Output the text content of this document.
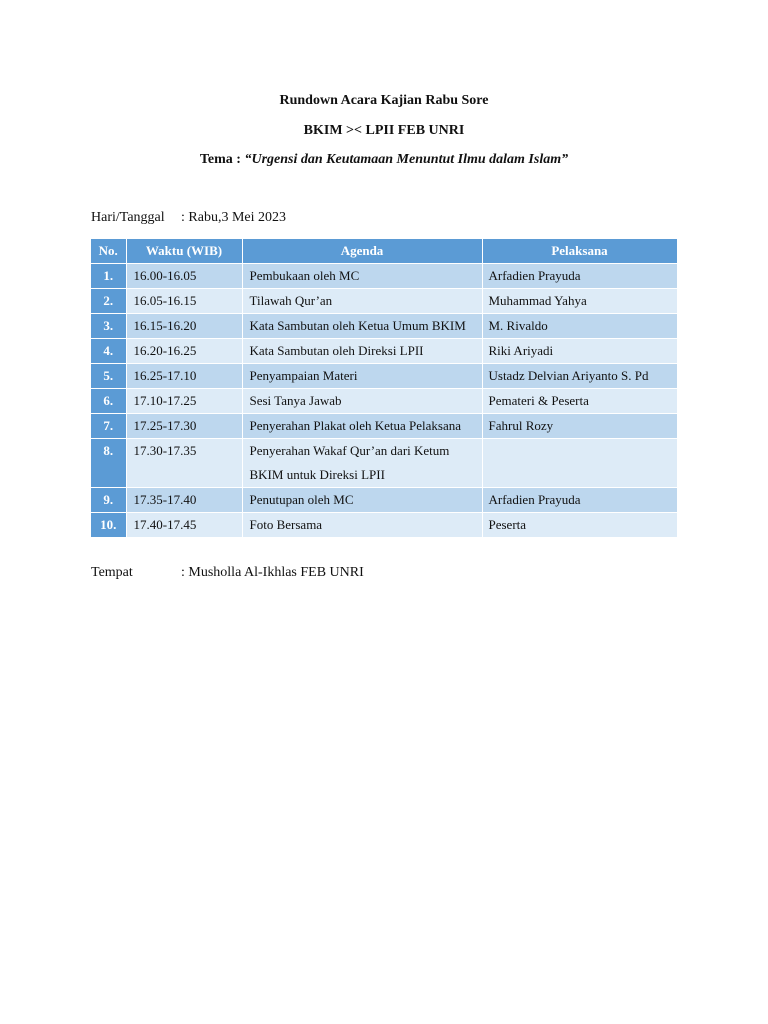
Rundown Acara Kajian Rabu Sore
BKIM >< LPII FEB UNRI
Tema : “Urgensi dan Keutamaan Menuntut Ilmu dalam Islam”
Hari/Tanggal : Rabu,3 Mei 2023
No.	Waktu (WIB)	Agenda	Pelaksana
1.	16.00-16.05	Pembukaan oleh MC	Arfadien Prayuda
2.	16.05-16.15	Tilawah Qur’an	Muhammad Yahya
3.	16.15-16.20	Kata Sambutan oleh Ketua Umum BKIM	M. Rivaldo
4.	16.20-16.25	Kata Sambutan oleh Direksi LPII	Riki Ariyadi
5.	16.25-17.10	Penyampaian Materi	Ustadz Delvian Ariyanto S. Pd
6.	17.10-17.25	Sesi Tanya Jawab	Pemateri & Peserta
7.	17.25-17.30	Penyerahan Plakat oleh Ketua Pelaksana	Fahrul Rozy
8.	17.30-17.35	Penyerahan Wakaf Qur’an dari Ketum BKIM untuk Direksi LPII	
9.	17.35-17.40	Penutupan oleh MC	Arfadien Prayuda
10.	17.40-17.45	Foto Bersama	Peserta
Tempat	: Musholla Al-Ikhlas FEB UNRI
